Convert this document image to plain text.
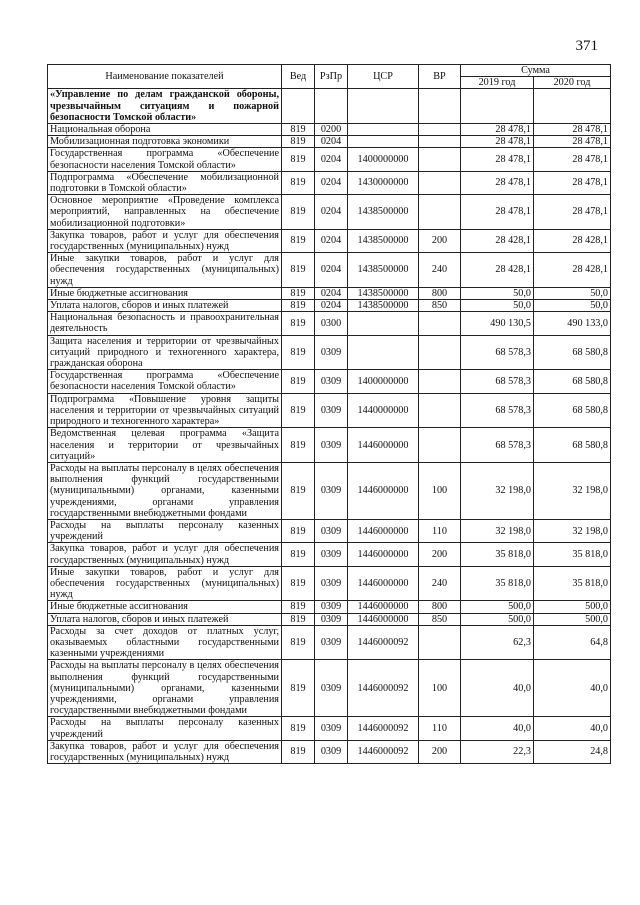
371
Наименование показателей	Вед	РзПр	ЦСР	ВР	Сумма	
					2019 год	2020 год
«Управление по делам гражданской обороны, чрезвычайным ситуациям и пожарной безопасности Томской области»						
Национальная оборона	819	0200			28 478,1	28 478,1
Мобилизационная подготовка экономики	819	0204			28 478,1	28 478,1
Государственная программа «Обеспечение безопасности населения Томской области»	819	0204	1400000000		28 478,1	28 478,1
Подпрограмма «Обеспечение мобилизационной подготовки в Томской области»	819	0204	1430000000		28 478,1	28 478,1
Основное мероприятие «Проведение комплекса мероприятий, направленных на обеспечение мобилизационной подготовки»	819	0204	1438500000		28 478,1	28 478,1
Закупка товаров, работ и услуг для обеспечения государственных (муниципальных) нужд	819	0204	1438500000	200	28 428,1	28 428,1
Иные закупки товаров, работ и услуг для обеспечения государственных (муниципальных) нужд	819	0204	1438500000	240	28 428,1	28 428,1
Иные бюджетные ассигнования	819	0204	1438500000	800	50,0	50,0
Уплата налогов, сборов и иных платежей	819	0204	1438500000	850	50,0	50,0
Национальная безопасность и правоохранительная деятельность	819	0300			490 130,5	490 133,0
Защита населения и территории от чрезвычайных ситуаций природного и техногенного характера, гражданская оборона	819	0309			68 578,3	68 580,8
Государственная программа «Обеспечение безопасности населения Томской области»	819	0309	1400000000		68 578,3	68 580,8
Подпрограмма «Повышение уровня защиты населения и территории от чрезвычайных ситуаций природного и техногенного характера»	819	0309	1440000000		68 578,3	68 580,8
Ведомственная целевая программа «Защита населения и территории от чрезвычайных ситуаций»	819	0309	1446000000		68 578,3	68 580,8
Расходы на выплаты персоналу в целях обеспечения выполнения функций государственными (муниципальными) органами, казенными учреждениями, органами управления государственными внебюджетными фондами	819	0309	1446000000	100	32 198,0	32 198,0
Расходы на выплаты персоналу казенных учреждений	819	0309	1446000000	110	32 198,0	32 198,0
Закупка товаров, работ и услуг для обеспечения государственных (муниципальных) нужд	819	0309	1446000000	200	35 818,0	35 818,0
Иные закупки товаров, работ и услуг для обеспечения государственных (муниципальных) нужд	819	0309	1446000000	240	35 818,0	35 818,0
Иные бюджетные ассигнования	819	0309	1446000000	800	500,0	500,0
Уплата налогов, сборов и иных платежей	819	0309	1446000000	850	500,0	500,0
Расходы за счет доходов от платных услуг, оказываемых областными государственными казенными учреждениями	819	0309	1446000092		62,3	64,8
Расходы на выплаты персоналу в целях обеспечения выполнения функций государственными (муниципальными) органами, казенными учреждениями, органами управления государственными внебюджетными фондами	819	0309	1446000092	100	40,0	40,0
Расходы на выплаты персоналу казенных учреждений	819	0309	1446000092	110	40,0	40,0
Закупка товаров, работ и услуг для обеспечения государственных (муниципальных) нужд	819	0309	1446000092	200	22,3	24,8
